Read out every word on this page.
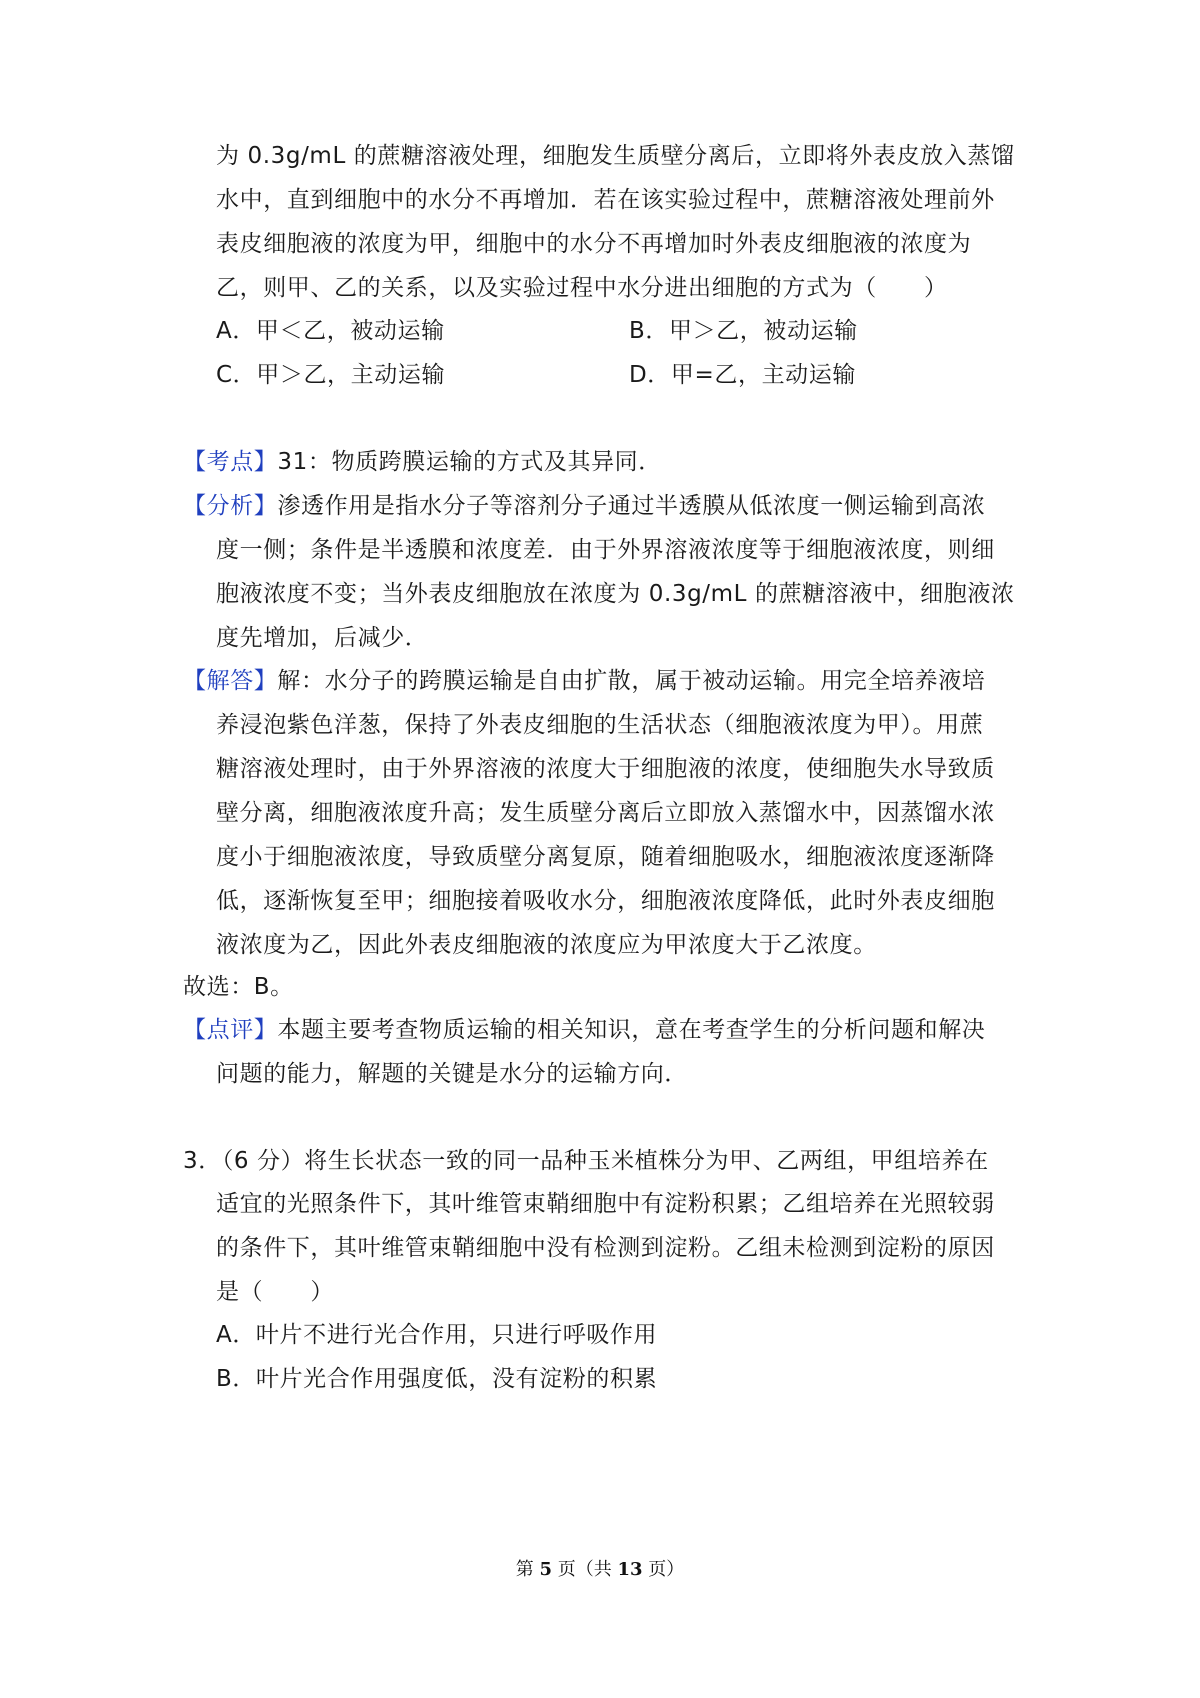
为 0.3g/mL 的蔗糖溶液处理，细胞发生质壁分离后，立即将外表皮放入蒸馏
水中，直到细胞中的水分不再增加．若在该实验过程中，蔗糖溶液处理前外
表皮细胞液的浓度为甲，细胞中的水分不再增加时外表皮细胞液的浓度为
乙，则甲、乙的关系，以及实验过程中水分进出细胞的方式为（　　）
A．甲＜乙，被动运输	B．甲＞乙，被动运输
C．甲＞乙，主动运输	D．甲=乙，主动运输
【考点】31：物质跨膜运输的方式及其异同．
【分析】渗透作用是指水分子等溶剂分子通过半透膜从低浓度一侧运输到高浓
度一侧；条件是半透膜和浓度差．由于外界溶液浓度等于细胞液浓度，则细
胞液浓度不变；当外表皮细胞放在浓度为 0.3g/mL 的蔗糖溶液中，细胞液浓
度先增加，后减少．
【解答】解：水分子的跨膜运输是自由扩散，属于被动运输。用完全培养液培
养浸泡紫色洋葱，保持了外表皮细胞的生活状态（细胞液浓度为甲）。用蔗
糖溶液处理时，由于外界溶液的浓度大于细胞液的浓度，使细胞失水导致质
壁分离，细胞液浓度升高；发生质壁分离后立即放入蒸馏水中，因蒸馏水浓
度小于细胞液浓度，导致质壁分离复原，随着细胞吸水，细胞液浓度逐渐降
低，逐渐恢复至甲；细胞接着吸收水分，细胞液浓度降低，此时外表皮细胞
液浓度为乙，因此外表皮细胞液的浓度应为甲浓度大于乙浓度。
故选：B。
【点评】本题主要考查物质运输的相关知识，意在考查学生的分析问题和解决
问题的能力，解题的关键是水分的运输方向．
3．（6 分）将生长状态一致的同一品种玉米植株分为甲、乙两组，甲组培养在
适宜的光照条件下，其叶维管束鞘细胞中有淀粉积累；乙组培养在光照较弱
的条件下，其叶维管束鞘细胞中没有检测到淀粉。乙组未检测到淀粉的原因
是（　　）
A．叶片不进行光合作用，只进行呼吸作用
B．叶片光合作用强度低，没有淀粉的积累
第 5 页（共 13 页）
